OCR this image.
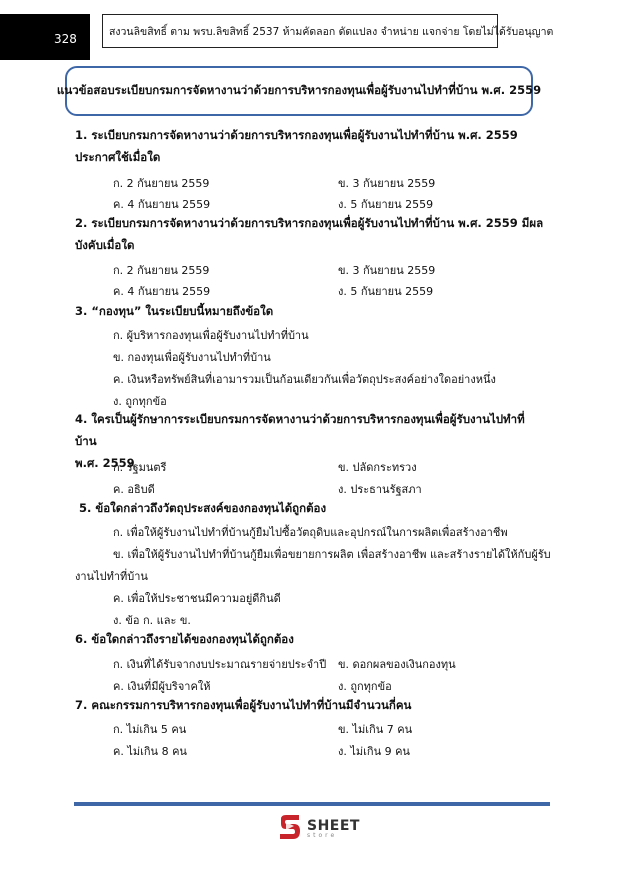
328	สงวนลิขสิทธิ์ ตาม พรบ.ลิขสิทธิ์ 2537 ห้ามคัดลอก ดัดแปลง จำหน่าย แจกจ่าย โดยไม่ได้รับอนุญาต
แนวข้อสอบระเบียบกรมการจัดหางานว่าด้วยการบริหารกองทุนเพื่อผู้รับงานไปทำที่บ้าน พ.ศ. 2559
1. ระเบียบกรมการจัดหางานว่าด้วยการบริหารกองทุนเพื่อผู้รับงานไปทำที่บ้าน พ.ศ. 2559
ประกาศใช้เมื่อใด
ก. 2 กันยายน 2559	ข. 3 กันยายน 2559
ค. 4 กันยายน 2559	ง. 5 กันยายน 2559
2. ระเบียบกรมการจัดหางานว่าด้วยการบริหารกองทุนเพื่อผู้รับงานไปทำที่บ้าน พ.ศ. 2559 มีผล
บังคับเมื่อใด
ก. 2 กันยายน 2559	ข. 3 กันยายน 2559
ค. 4 กันยายน 2559	ง. 5 กันยายน 2559
3. “กองทุน” ในระเบียบนี้หมายถึงข้อใด
ก. ผู้บริหารกองทุนเพื่อผู้รับงานไปทำที่บ้าน
ข. กองทุนเพื่อผู้รับงานไปทำที่บ้าน
ค. เงินหรือทรัพย์สินที่เอามารวมเป็นก้อนเดียวกันเพื่อวัตถุประสงค์อย่างใดอย่างหนึ่ง
ง. ถูกทุกข้อ
4. ใครเป็นผู้รักษาการระเบียบกรมการจัดหางานว่าด้วยการบริหารกองทุนเพื่อผู้รับงานไปทำที่บ้าน
พ.ศ. 2559
ก. รัฐมนตรี	ข. ปลัดกระทรวง
ค. อธิบดี	ง. ประธานรัฐสภา
5. ข้อใดกล่าวถึงวัตถุประสงค์ของกองทุนได้ถูกต้อง
ก. เพื่อให้ผู้รับงานไปทำที่บ้านกู้ยืมไปซื้อวัตถุดิบและอุปกรณ์ในการผลิตเพื่อสร้างอาชีพ
ข. เพื่อให้ผู้รับงานไปทำที่บ้านกู้ยืมเพื่อขยายการผลิต เพื่อสร้างอาชีพ และสร้างรายได้ให้กับผู้รับ
งานไปทำที่บ้าน
ค. เพื่อให้ประชาชนมีความอยู่ดีกินดี
ง. ข้อ ก. และ ข.
6. ข้อใดกล่าวถึงรายได้ของกองทุนได้ถูกต้อง
ก. เงินที่ได้รับจากงบประมาณรายจ่ายประจำปี ข. ดอกผลของเงินกองทุน
ค. เงินที่มีผู้บริจาคให้	ง. ถูกทุกข้อ
7. คณะกรรมการบริหารกองทุนเพื่อผู้รับงานไปทำที่บ้านมีจำนวนกี่คน
ก. ไม่เกิน 5 คน	ข. ไม่เกิน 7 คน
ค. ไม่เกิน 8 คน	ง. ไม่เกิน 9 คน
SHEET
store
